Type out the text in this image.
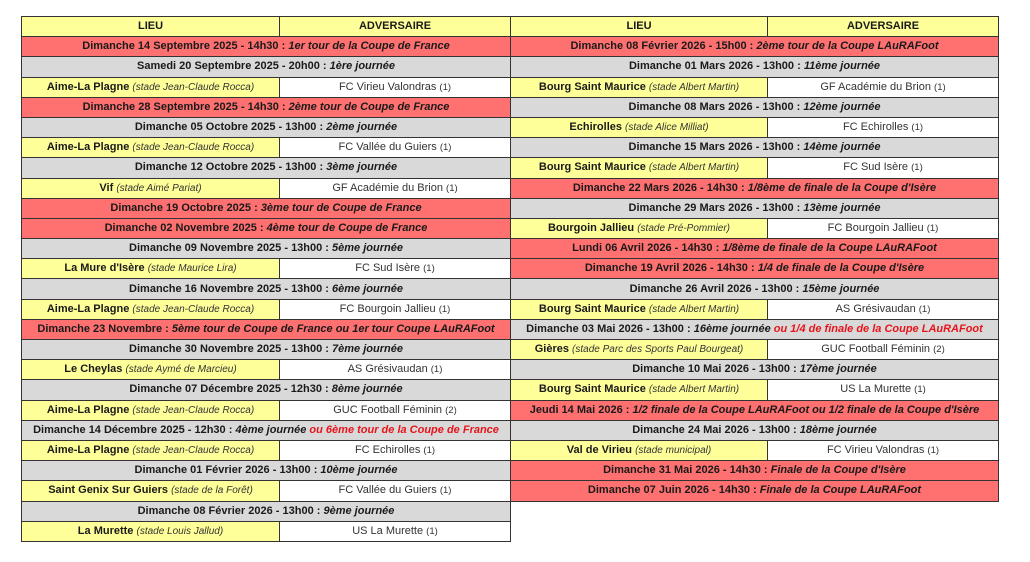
LIEU	ADVERSAIRE
Dimanche 14 Septembre 2025 - 14h30 : 1er tour de la Coupe de France	
Samedi 20 Septembre 2025 - 20h00 : 1ère journée	
Aime-La Plagne (stade Jean-Claude Rocca)	FC Virieu Valondras (1)
Dimanche 28 Septembre 2025 - 14h30 : 2ème tour de Coupe de France	
Dimanche 05 Octobre 2025 - 13h00 : 2ème journée	
Aime-La Plagne (stade Jean-Claude Rocca)	FC Vallée du Guiers (1)
Dimanche 12 Octobre 2025 - 13h00 : 3ème journée	
Vif (stade Aimé Pariat)	GF Académie du Brion (1)
Dimanche 19 Octobre 2025 : 3ème tour de Coupe de France	
Dimanche 02 Novembre 2025 : 4ème tour de Coupe de France	
Dimanche 09 Novembre 2025 - 13h00 : 5ème journée	
La Mure d'Isère (stade Maurice Lira)	FC Sud Isère (1)
Dimanche 16 Novembre 2025 - 13h00 : 6ème journée	
Aime-La Plagne (stade Jean-Claude Rocca)	FC Bourgoin Jallieu (1)
Dimanche 23 Novembre : 5ème tour de Coupe de France ou 1er tour Coupe LAuRAFoot	
Dimanche 30 Novembre 2025 - 13h00 : 7ème journée	
Le Cheylas (stade Aymé de Marcieu)	AS Grésivaudan (1)
Dimanche 07 Décembre 2025 - 12h30 : 8ème journée	
Aime-La Plagne (stade Jean-Claude Rocca)	GUC Football Féminin (2)
Dimanche 14 Décembre 2025 - 12h30 : 4ème journée ou 6ème tour de la Coupe de France	
Aime-La Plagne (stade Jean-Claude Rocca)	FC Echirolles (1)
Dimanche 01 Février 2026 - 13h00 : 10ème journée	
Saint Genix Sur Guiers (stade de la Forêt)	FC Vallée du Guiers (1)
Dimanche 08 Février 2026 - 13h00 : 9ème journée	
La Murette (stade Louis Jallud)	US La Murette (1)
LIEU	ADVERSAIRE
Dimanche 08 Février 2026 - 15h00 : 2ème tour de la Coupe LAuRAFoot	
Dimanche 01 Mars 2026 - 13h00 : 11ème journée	
Bourg Saint Maurice (stade Albert Martin)	GF Académie du Brion (1)
Dimanche 08 Mars 2026 - 13h00 : 12ème journée	
Echirolles (stade Alice Milliat)	FC Echirolles (1)
Dimanche 15 Mars 2026 - 13h00 : 14ème journée	
Bourg Saint Maurice (stade Albert Martin)	FC Sud Isère (1)
Dimanche 22 Mars 2026 - 14h30 : 1/8ème de finale de la Coupe d'Isère	
Dimanche 29 Mars 2026 - 13h00 : 13ème journée	
Bourgoin Jallieu (stade Pré-Pommier)	FC Bourgoin Jallieu (1)
Lundi 06 Avril 2026 - 14h30 : 1/8ème de finale de la Coupe LAuRAFoot	
Dimanche 19 Avril 2026 - 14h30 : 1/4 de finale de la Coupe d'Isère	
Dimanche 26 Avril 2026 - 13h00 : 15ème journée	
Bourg Saint Maurice (stade Albert Martin)	AS Grésivaudan (1)
Dimanche 03 Mai 2026 - 13h00 : 16ème journée ou 1/4 de finale de la Coupe LAuRAFoot	
Gières (stade Parc des Sports Paul Bourgeat)	GUC Football Féminin (2)
Dimanche 10 Mai 2026 - 13h00 : 17ème journée	
Bourg Saint Maurice (stade Albert Martin)	US La Murette (1)
Jeudi 14 Mai 2026 : 1/2 finale de la Coupe LAuRAFoot ou 1/2 finale de la Coupe d'Isère	
Dimanche 24 Mai 2026 - 13h00 : 18ème journée	
Val de Virieu (stade municipal)	FC Virieu Valondras (1)
Dimanche 31 Mai 2026 - 14h30 : Finale de la Coupe d'Isère	
Dimanche 07 Juin 2026 - 14h30 : Finale de la Coupe LAuRAFoot	
